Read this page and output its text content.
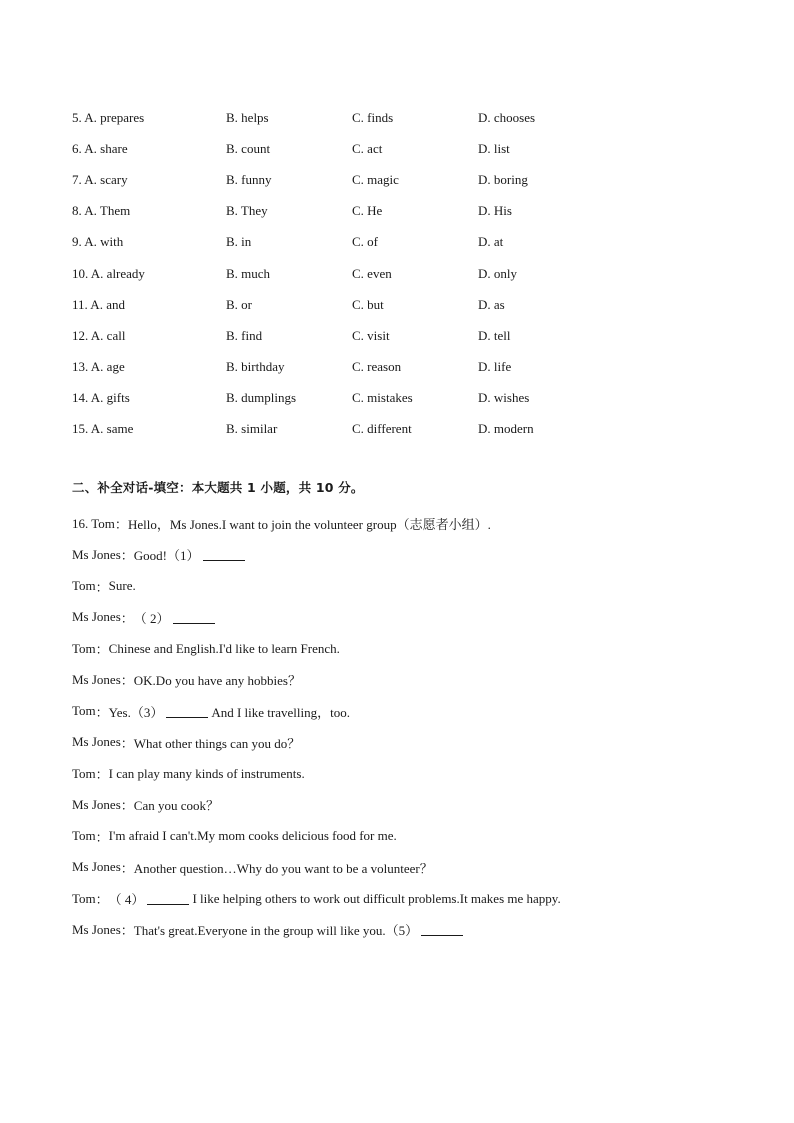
5. A. prepares	B. helps	C. finds	D. chooses
6. A. share	B. count	C. act	D. list
7. A. scary	B. funny	C. magic	D. boring
8. A. Them	B. They	C. He	D. His
9. A. with	B. in	C. of	D. at
10. A. already	B. much	C. even	D. only
11. A. and	B. or	C. but	D. as
12. A. call	B. find	C. visit	D. tell
13. A. age	B. birthday	C. reason	D. life
14. A. gifts	B. dumplings	C. mistakes	D. wishes
15. A. same	B. similar	C. different	D. modern
二、补全对话-填空：本大题共 1 小题，共 10 分。
16. Tom ： Hello，Ms Jones.I want to join the volunteer group（志愿者小组）.
Ms Jones ： Good!（1）
Tom ： Sure.
Ms Jones ： （ 2）
Tom ： Chinese and English.I'd like to learn French.
Ms Jones ： OK.Do you have any hobbies？
Tom ： Yes.（3）	And I like travelling，too.
Ms Jones ： What other things can you do？
Tom ： I can play many kinds of instruments.
Ms Jones ： Can you cook？
Tom ： I'm afraid I can't.My mom cooks delicious food for me.
Ms Jones ： Another question…Why do you want to be a volunteer？
Tom ： （ 4）	I like helping others to work out difficult problems.It makes me happy.
Ms Jones ： That's great.Everyone in the group will like you.（5）
